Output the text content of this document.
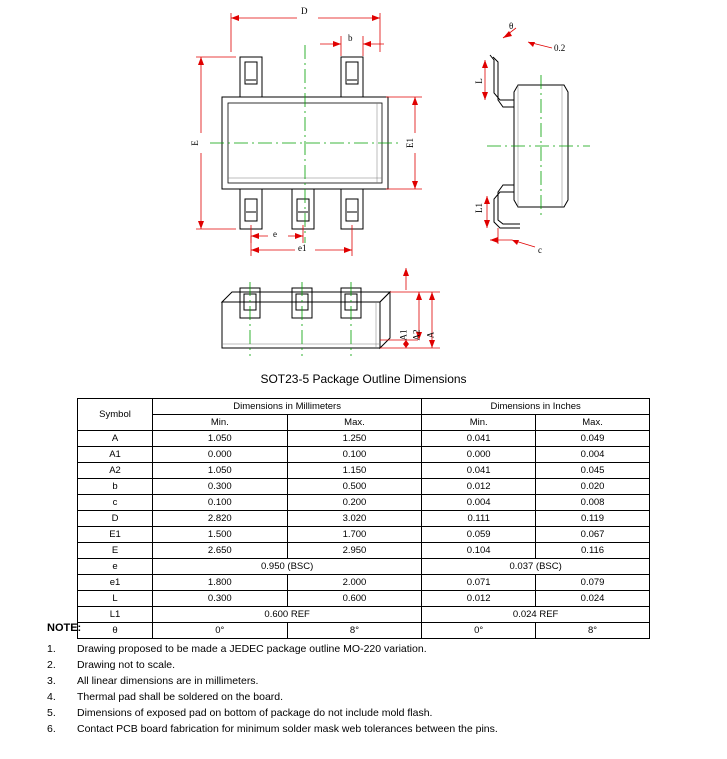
D
b
E	E1
e
e1
θ
0.2
L
L1
c
A1 A2 A
SOT23-5 Package Outline Dimensions
Symbol	Dimensions in Millimeters		Dimensions in Inches	
	Min.	Max.	Min.	Max.
A	1.050	1.250	0.041	0.049
A1	0.000	0.100	0.000	0.004
A2	1.050	1.150	0.041	0.045
b	0.300	0.500	0.012	0.020
c	0.100	0.200	0.004	0.008
D	2.820	3.020	0.111	0.119
E1	1.500	1.700	0.059	0.067
E	2.650	2.950	0.104	0.116
e	0.950 (BSC)		0.037 (BSC)	
e1	1.800	2.000	0.071	0.079
L	0.300	0.600	0.012	0.024
L1	0.600 REF		0.024 REF	
θ	0°	8°	0°	8°
NOTE:
1.	Drawing proposed to be made a JEDEC package outline MO-220 variation.
2.	Drawing not to scale.
3.	All linear dimensions are in millimeters.
4.	Thermal pad shall be soldered on the board.
5.	Dimensions of exposed pad on bottom of package do not include mold flash.
6.	Contact PCB board fabrication for minimum solder mask web tolerances between the pins.
